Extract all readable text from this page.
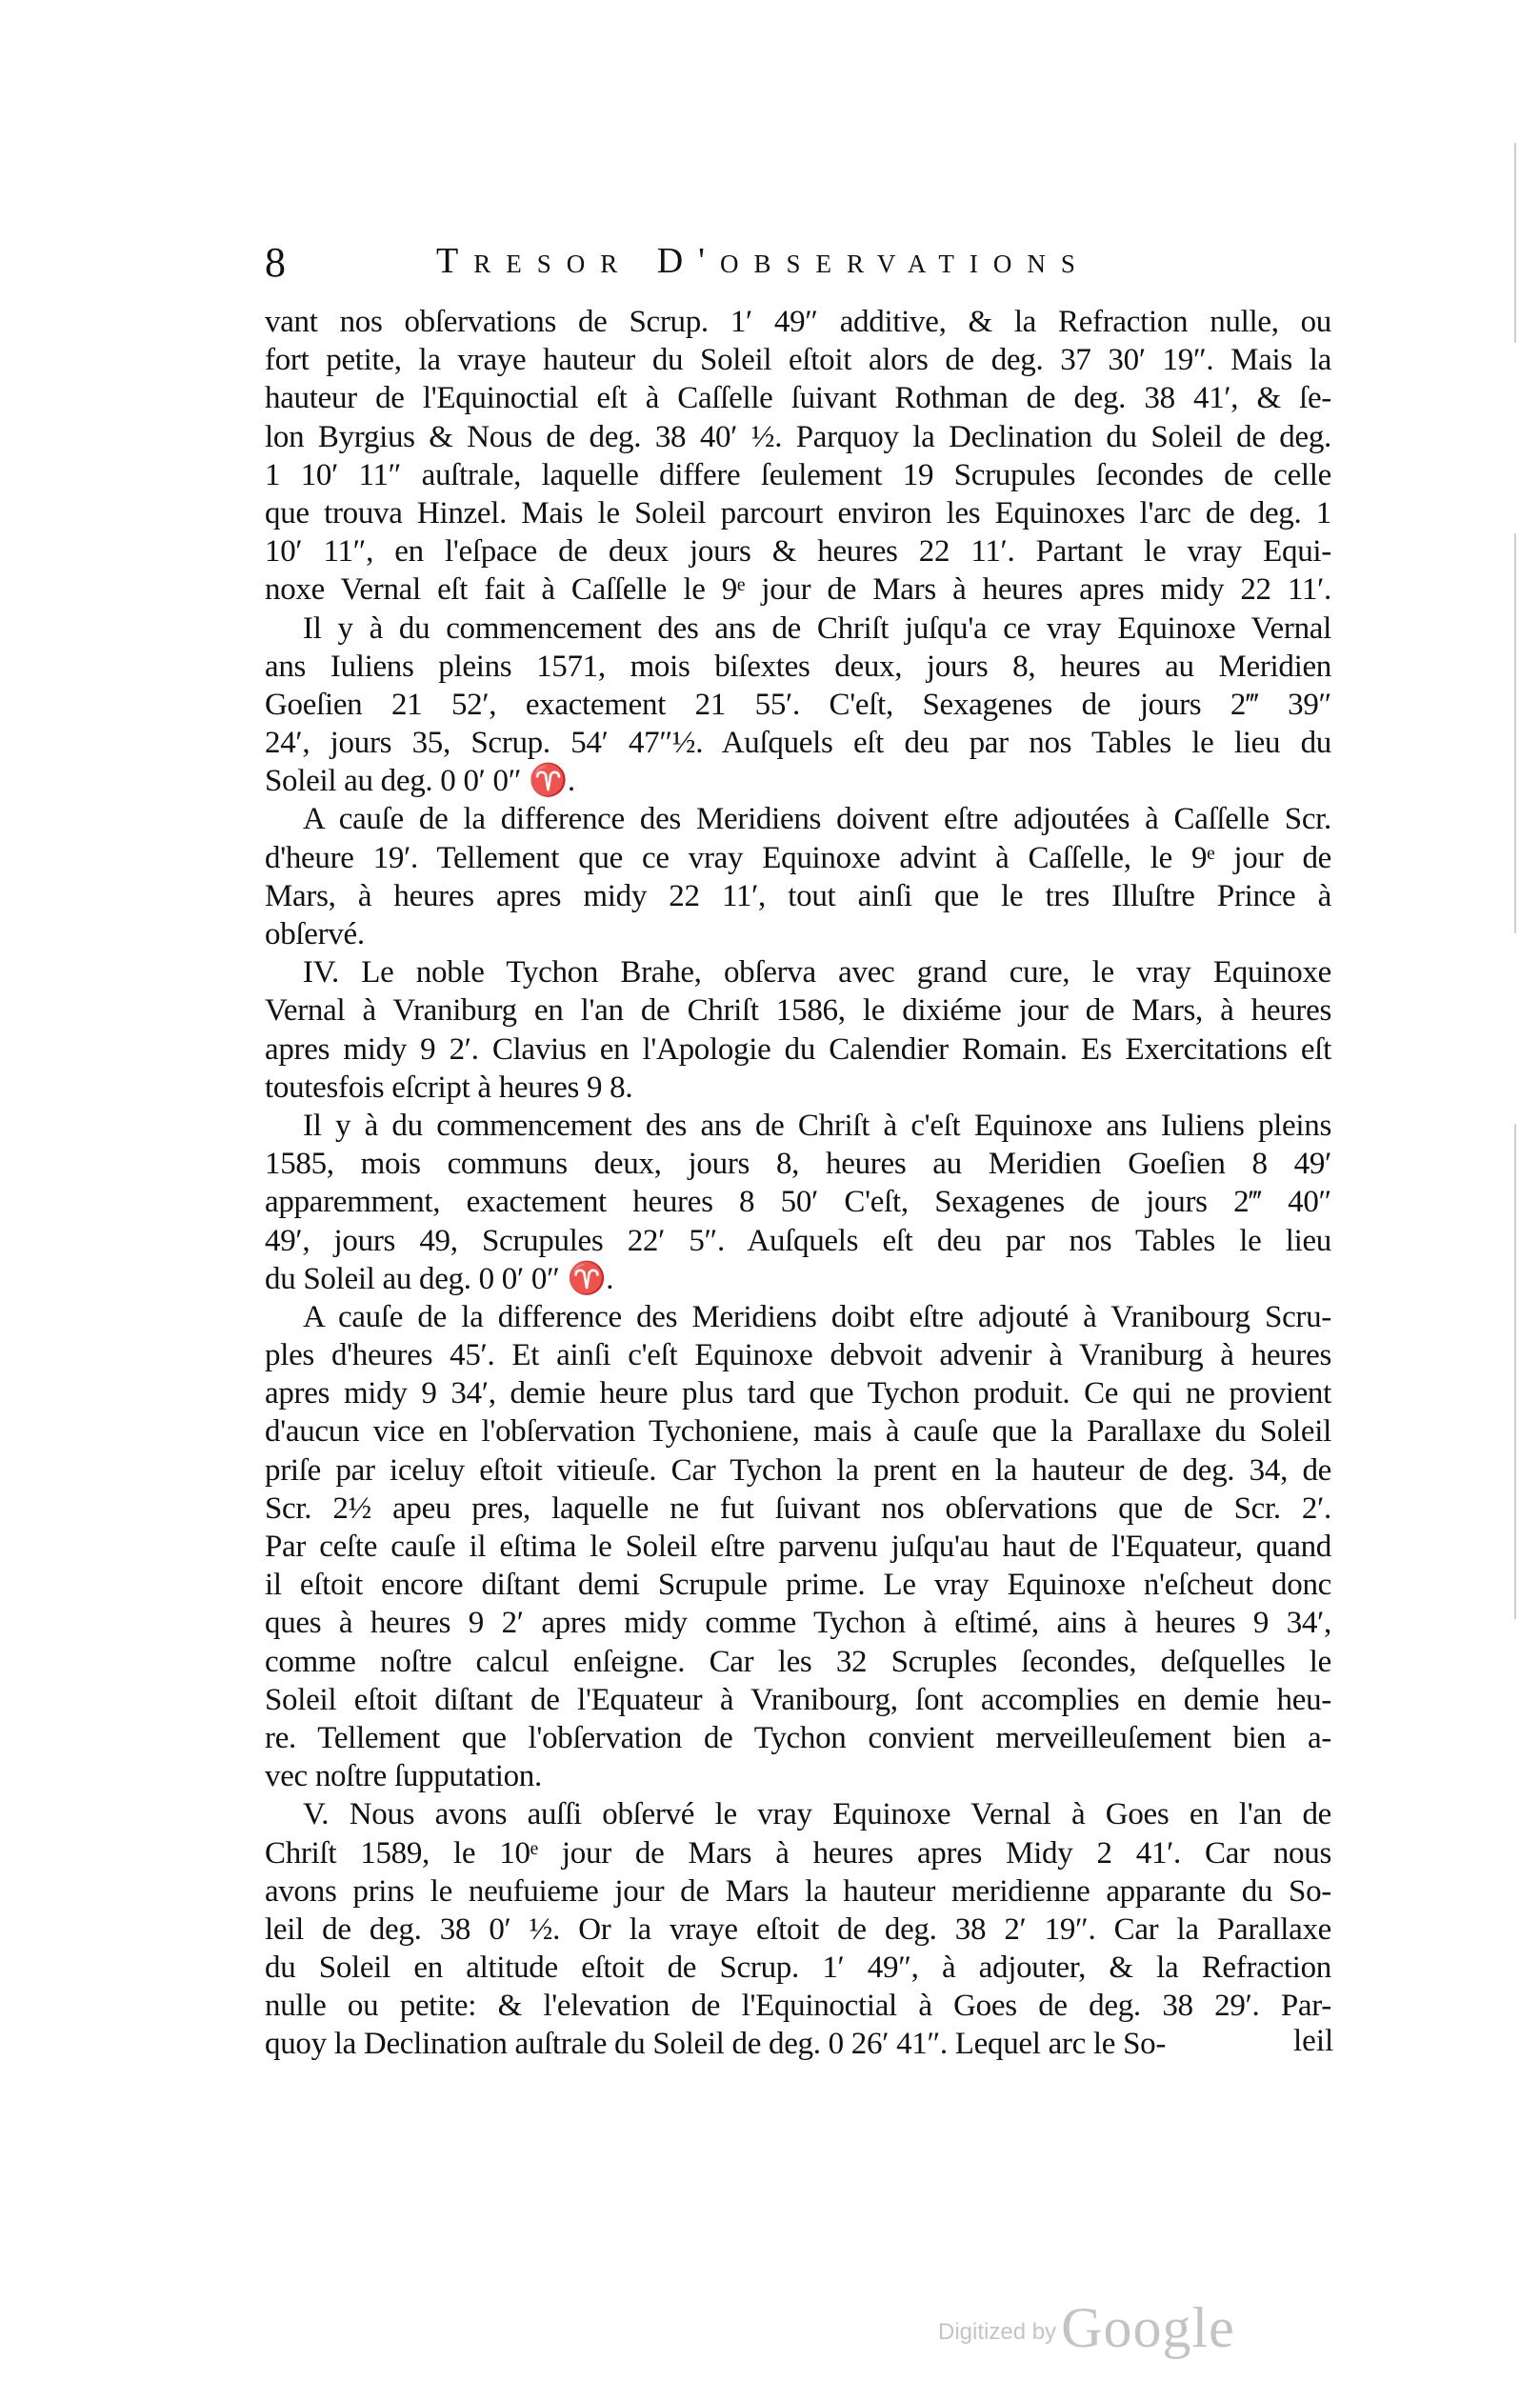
8	Tresor D'observations
vant nos obſervations de Scrup. 1′ 49″ additive, & la Refraction nulle, ou
fort petite, la vraye hauteur du Soleil eſtoit alors de deg. 37 30′ 19″. Mais la
hauteur de l'Equinoctial eſt à Caſſelle ſuivant Rothman de deg. 38 41′, & ſe-
lon Byrgius & Nous de deg. 38 40′ ½. Parquoy la Declination du Soleil de deg.
1 10′ 11″ auſtrale, laquelle differe ſeulement 19 Scrupules ſecondes de celle
que trouva Hinzel. Mais le Soleil parcourt environ les Equinoxes l'arc de deg. 1
10′ 11″, en l'eſpace de deux jours & heures 22 11′. Partant le vray Equi-
noxe Vernal eſt fait à Caſſelle le 9ᵉ jour de Mars à heures apres midy 22 11′.
Il y à du commencement des ans de Chriſt juſqu'a ce vray Equinoxe Vernal
ans Iuliens pleins 1571, mois biſextes deux, jours 8, heures au Meridien
Goeſien 21 52′, exactement 21 55′. C'eſt, Sexagenes de jours 2‴ 39″
24′, jours 35, Scrup. 54′ 47″½. Auſquels eſt deu par nos Tables le lieu du
Soleil au deg. 0 0′ 0″ ♈.
A cauſe de la difference des Meridiens doivent eſtre adjoutées à Caſſelle Scr.
d'heure 19′. Tellement que ce vray Equinoxe advint à Caſſelle, le 9ᵉ jour de
Mars, à heures apres midy 22 11′, tout ainſi que le tres Illuſtre Prince à
obſervé.
IV. Le noble Tychon Brahe, obſerva avec grand cure, le vray Equinoxe
Vernal à Vraniburg en l'an de Chriſt 1586, le dixiéme jour de Mars, à heures
apres midy 9 2′. Clavius en l'Apologie du Calendier Romain. Es Exercitations eſt
toutesfois eſcript à heures 9 8.
Il y à du commencement des ans de Chriſt à c'eſt Equinoxe ans Iuliens pleins
1585, mois communs deux, jours 8, heures au Meridien Goeſien 8 49′
apparemment, exactement heures 8 50′ C'eſt, Sexagenes de jours 2‴ 40″
49′, jours 49, Scrupules 22′ 5″. Auſquels eſt deu par nos Tables le lieu
du Soleil au deg. 0 0′ 0″ ♈.
A cauſe de la difference des Meridiens doibt eſtre adjouté à Vranibourg Scru-
ples d'heures 45′. Et ainſi c'eſt Equinoxe debvoit advenir à Vraniburg à heures
apres midy 9 34′, demie heure plus tard que Tychon produit. Ce qui ne provient
d'aucun vice en l'obſervation Tychoniene, mais à cauſe que la Parallaxe du Soleil
priſe par iceluy eſtoit vitieuſe. Car Tychon la prent en la hauteur de deg. 34, de
Scr. 2½ apeu pres, laquelle ne fut ſuivant nos obſervations que de Scr. 2′.
Par ceſte cauſe il eſtima le Soleil eſtre parvenu juſqu'au haut de l'Equateur, quand
il eſtoit encore diſtant demi Scrupule prime. Le vray Equinoxe n'eſcheut donc
ques à heures 9 2′ apres midy comme Tychon à eſtimé, ains à heures 9 34′,
comme noſtre calcul enſeigne. Car les 32 Scruples ſecondes, deſquelles le
Soleil eſtoit diſtant de l'Equateur à Vranibourg, ſont accomplies en demie heu-
re. Tellement que l'obſervation de Tychon convient merveilleuſement bien a-
vec noſtre ſupputation.
V. Nous avons auſſi obſervé le vray Equinoxe Vernal à Goes en l'an de
Chriſt 1589, le 10ᵉ jour de Mars à heures apres Midy 2 41′. Car nous
avons prins le neufuieme jour de Mars la hauteur meridienne apparante du So-
leil de deg. 38 0′ ½. Or la vraye eſtoit de deg. 38 2′ 19″. Car la Parallaxe
du Soleil en altitude eſtoit de Scrup. 1′ 49″, à adjouter, & la Refraction
nulle ou petite: & l'elevation de l'Equinoctial à Goes de deg. 38 29′. Par-
quoy la Declination auſtrale du Soleil de deg. 0 26′ 41″. Lequel arc le So-	leil
Digitized by Google
